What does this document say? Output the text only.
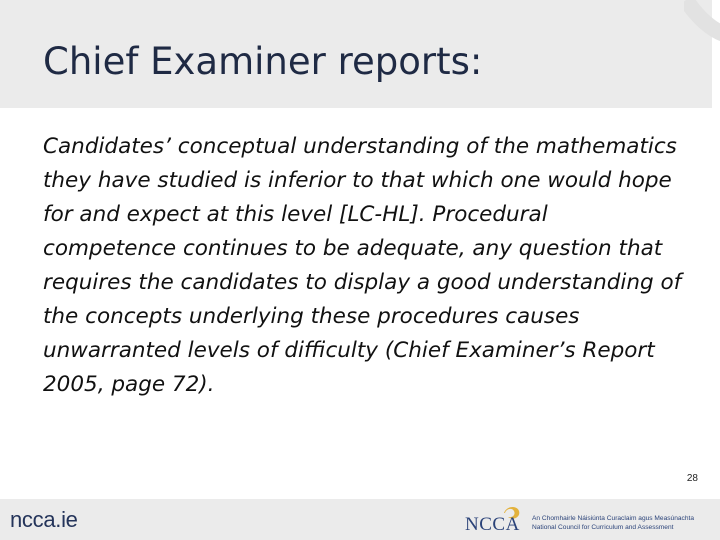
Chief Examiner reports:

Candidates’ conceptual understanding of the mathematics they have studied is inferior to that which one would hope for and expect at this level [LC-HL]. Procedural competence continues to be adequate, any question that requires the candidates to display a good understanding of the concepts underlying these procedures causes unwarranted levels of difficulty (Chief Examiner’s Report 2005, page 72).

28
ncca.ie	NCCA An Chomhairle Náisiúnta Curaclaim agus Measúnachta
National Council for Curriculum and Assessment
